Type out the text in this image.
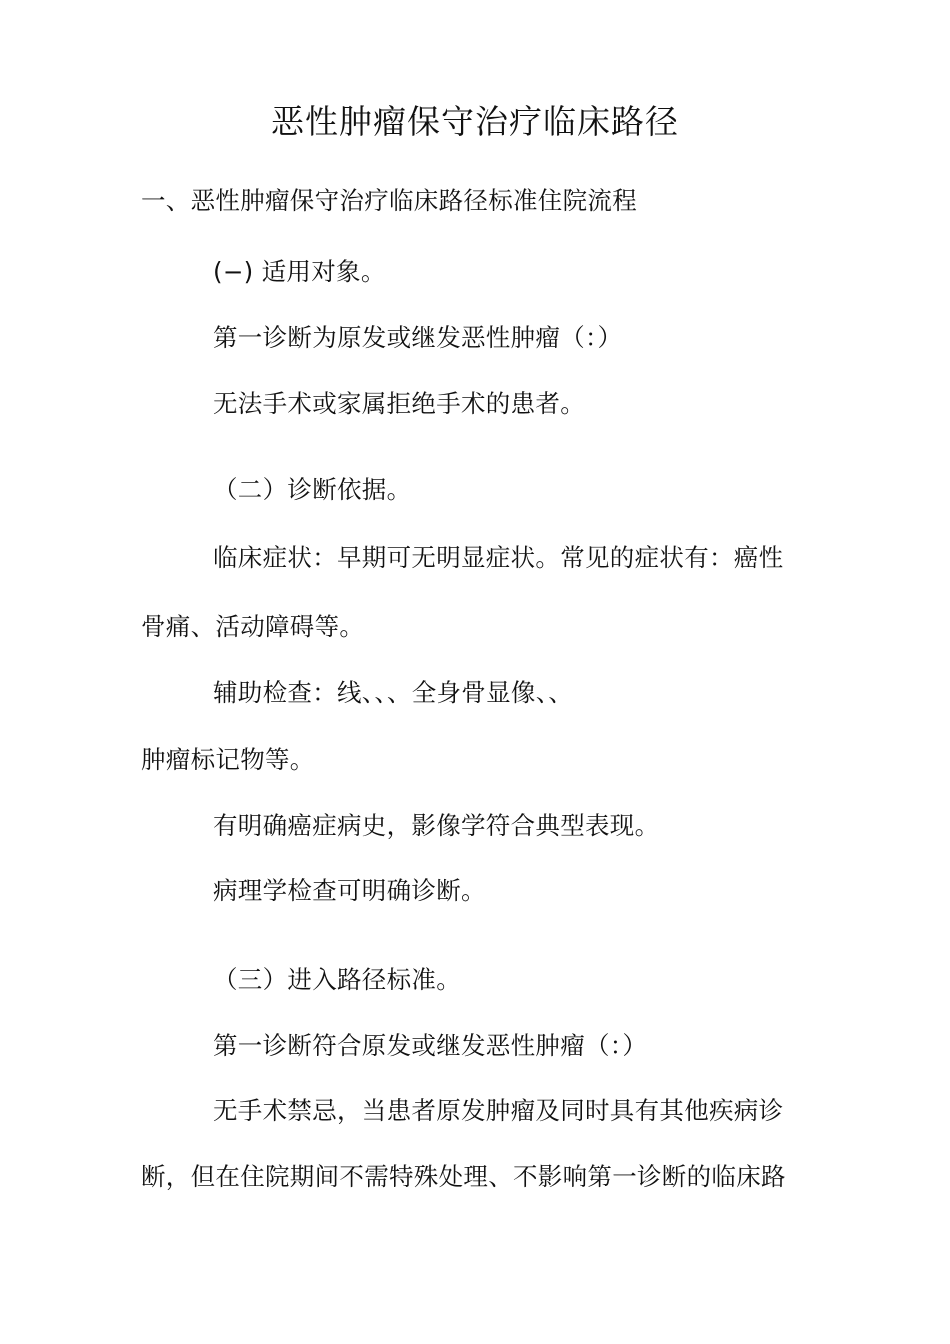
恶性肿瘤保守治疗临床路径
一、恶性肿瘤保守治疗临床路径标准住院流程
(−) 适用对象。
第一诊断为原发或继发恶性肿瘤（：）
无法手术或家属拒绝手术的患者。
（二）诊断依据。
临床症状：早期可无明显症状。常见的症状有：癌性
骨痛、活动障碍等。
辅助检查：线、、、全身骨显像、、
肿瘤标记物等。
有明确癌症病史，影像学符合典型表现。
病理学检查可明确诊断。
（三）进入路径标准。
第一诊断符合原发或继发恶性肿瘤（：）
无手术禁忌，当患者原发肿瘤及同时具有其他疾病诊
断，但在住院期间不需特殊处理、不影响第一诊断的临床路
